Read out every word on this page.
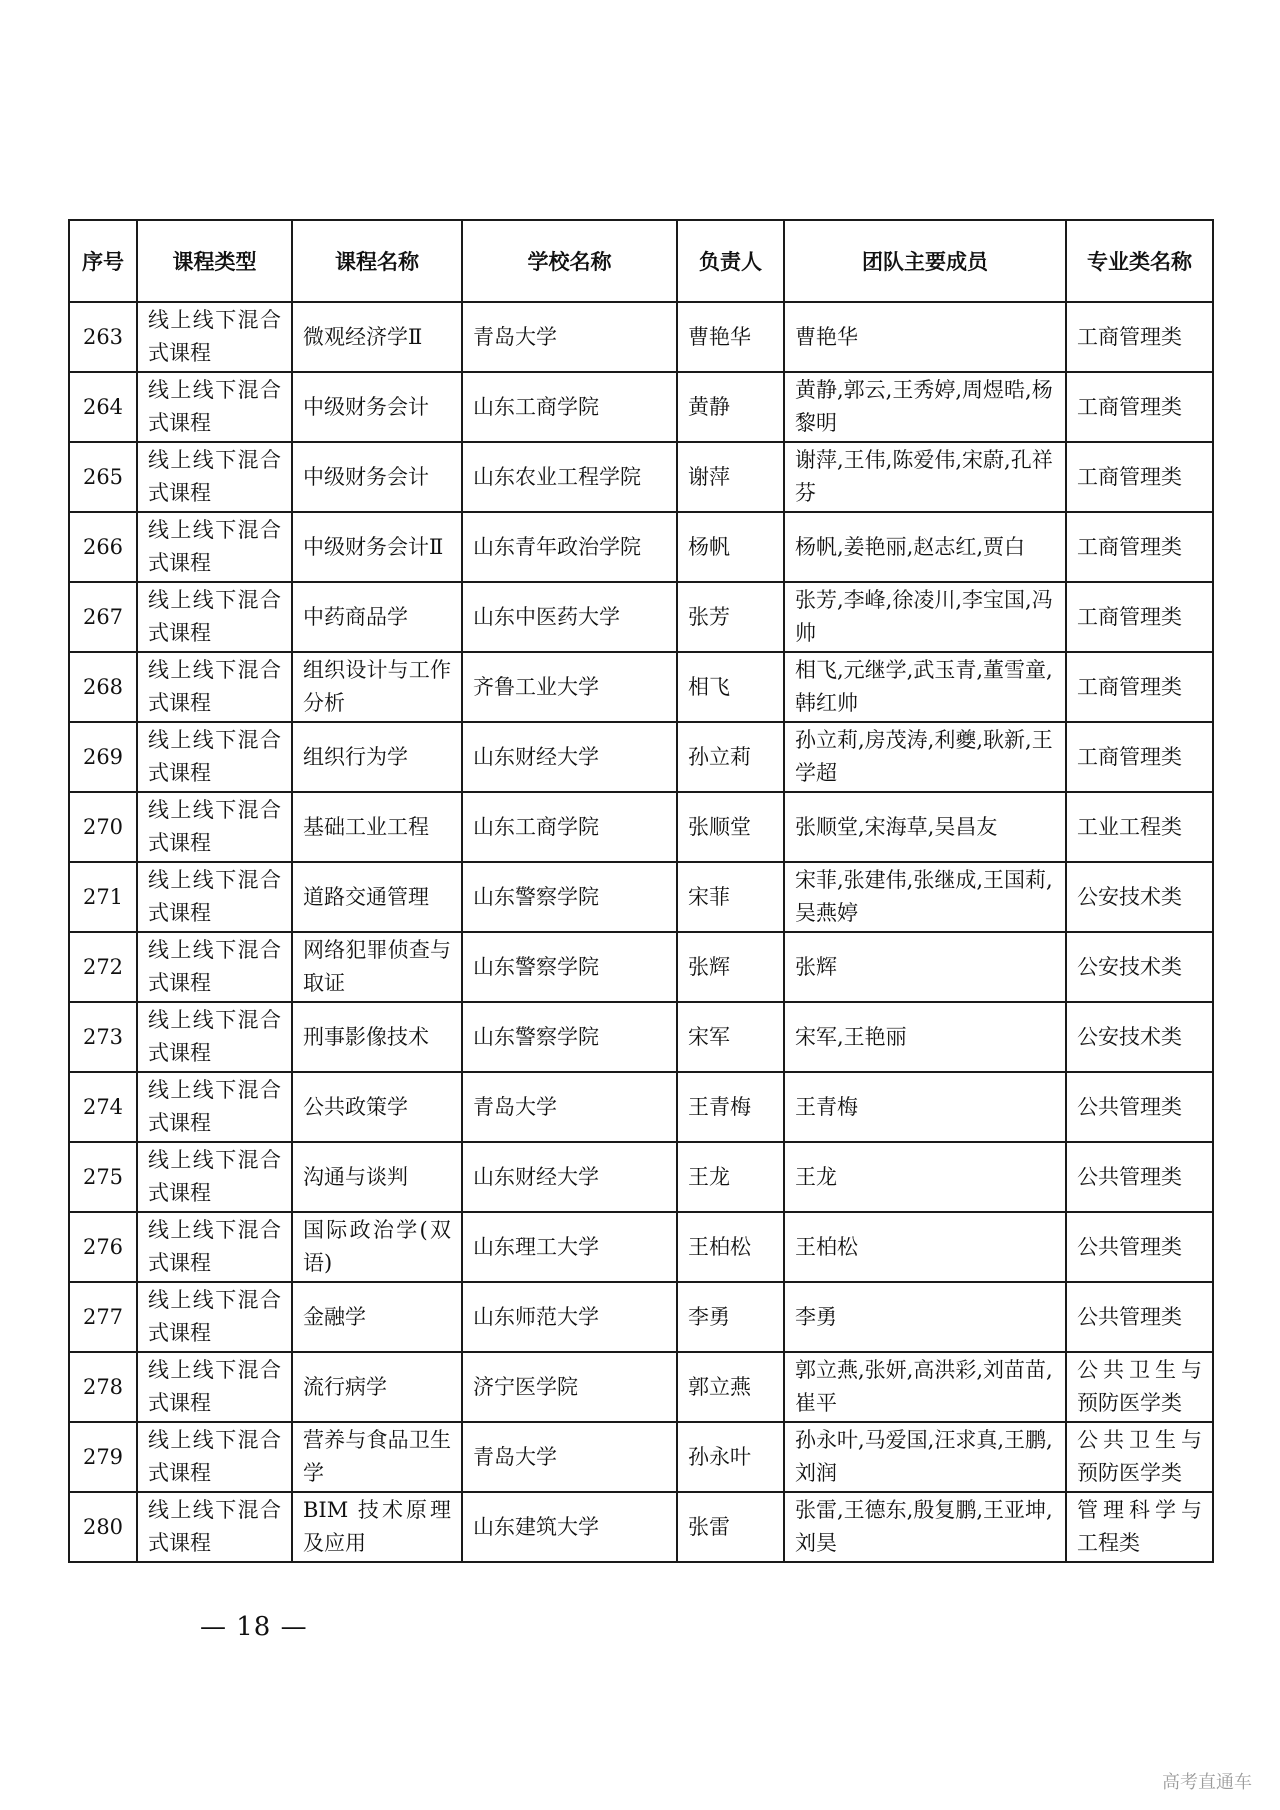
序号	课程类型	课程名称	学校名称	负责人	团队主要成员	专业类名称
263	线上线下混合式课程	微观经济学Ⅱ	青岛大学	曹艳华	曹艳华	工商管理类
264	线上线下混合式课程	中级财务会计	山东工商学院	黄静	黄静,郭云,王秀婷,周煜晧,杨黎明	工商管理类
265	线上线下混合式课程	中级财务会计	山东农业工程学院	谢萍	谢萍,王伟,陈爱伟,宋蔚,孔祥芬	工商管理类
266	线上线下混合式课程	中级财务会计Ⅱ	山东青年政治学院	杨帆	杨帆,姜艳丽,赵志红,贾白	工商管理类
267	线上线下混合式课程	中药商品学	山东中医药大学	张芳	张芳,李峰,徐凌川,李宝国,冯帅	工商管理类
268	线上线下混合式课程	组织设计与工作分析	齐鲁工业大学	相飞	相飞,元继学,武玉青,董雪童,韩红帅	工商管理类
269	线上线下混合式课程	组织行为学	山东财经大学	孙立莉	孙立莉,房茂涛,利夔,耿新,王学超	工商管理类
270	线上线下混合式课程	基础工业工程	山东工商学院	张顺堂	张顺堂,宋海草,吴昌友	工业工程类
271	线上线下混合式课程	道路交通管理	山东警察学院	宋菲	宋菲,张建伟,张继成,王国莉,吴燕婷	公安技术类
272	线上线下混合式课程	网络犯罪侦查与取证	山东警察学院	张辉	张辉	公安技术类
273	线上线下混合式课程	刑事影像技术	山东警察学院	宋军	宋军,王艳丽	公安技术类
274	线上线下混合式课程	公共政策学	青岛大学	王青梅	王青梅	公共管理类
275	线上线下混合式课程	沟通与谈判	山东财经大学	王龙	王龙	公共管理类
276	线上线下混合式课程	国际政治学(双语)	山东理工大学	王柏松	王柏松	公共管理类
277	线上线下混合式课程	金融学	山东师范大学	李勇	李勇	公共管理类
278	线上线下混合式课程	流行病学	济宁医学院	郭立燕	郭立燕,张妍,高洪彩,刘苗苗,崔平	公共卫生与预防医学类
279	线上线下混合式课程	营养与食品卫生学	青岛大学	孙永叶	孙永叶,马爱国,汪求真,王鹏,刘润	公共卫生与预防医学类
280	线上线下混合式课程	BIM 技术原理及应用	山东建筑大学	张雷	张雷,王德东,殷复鹏,王亚坤,刘昊	管理科学与工程类
— 18 —
高考直通车
